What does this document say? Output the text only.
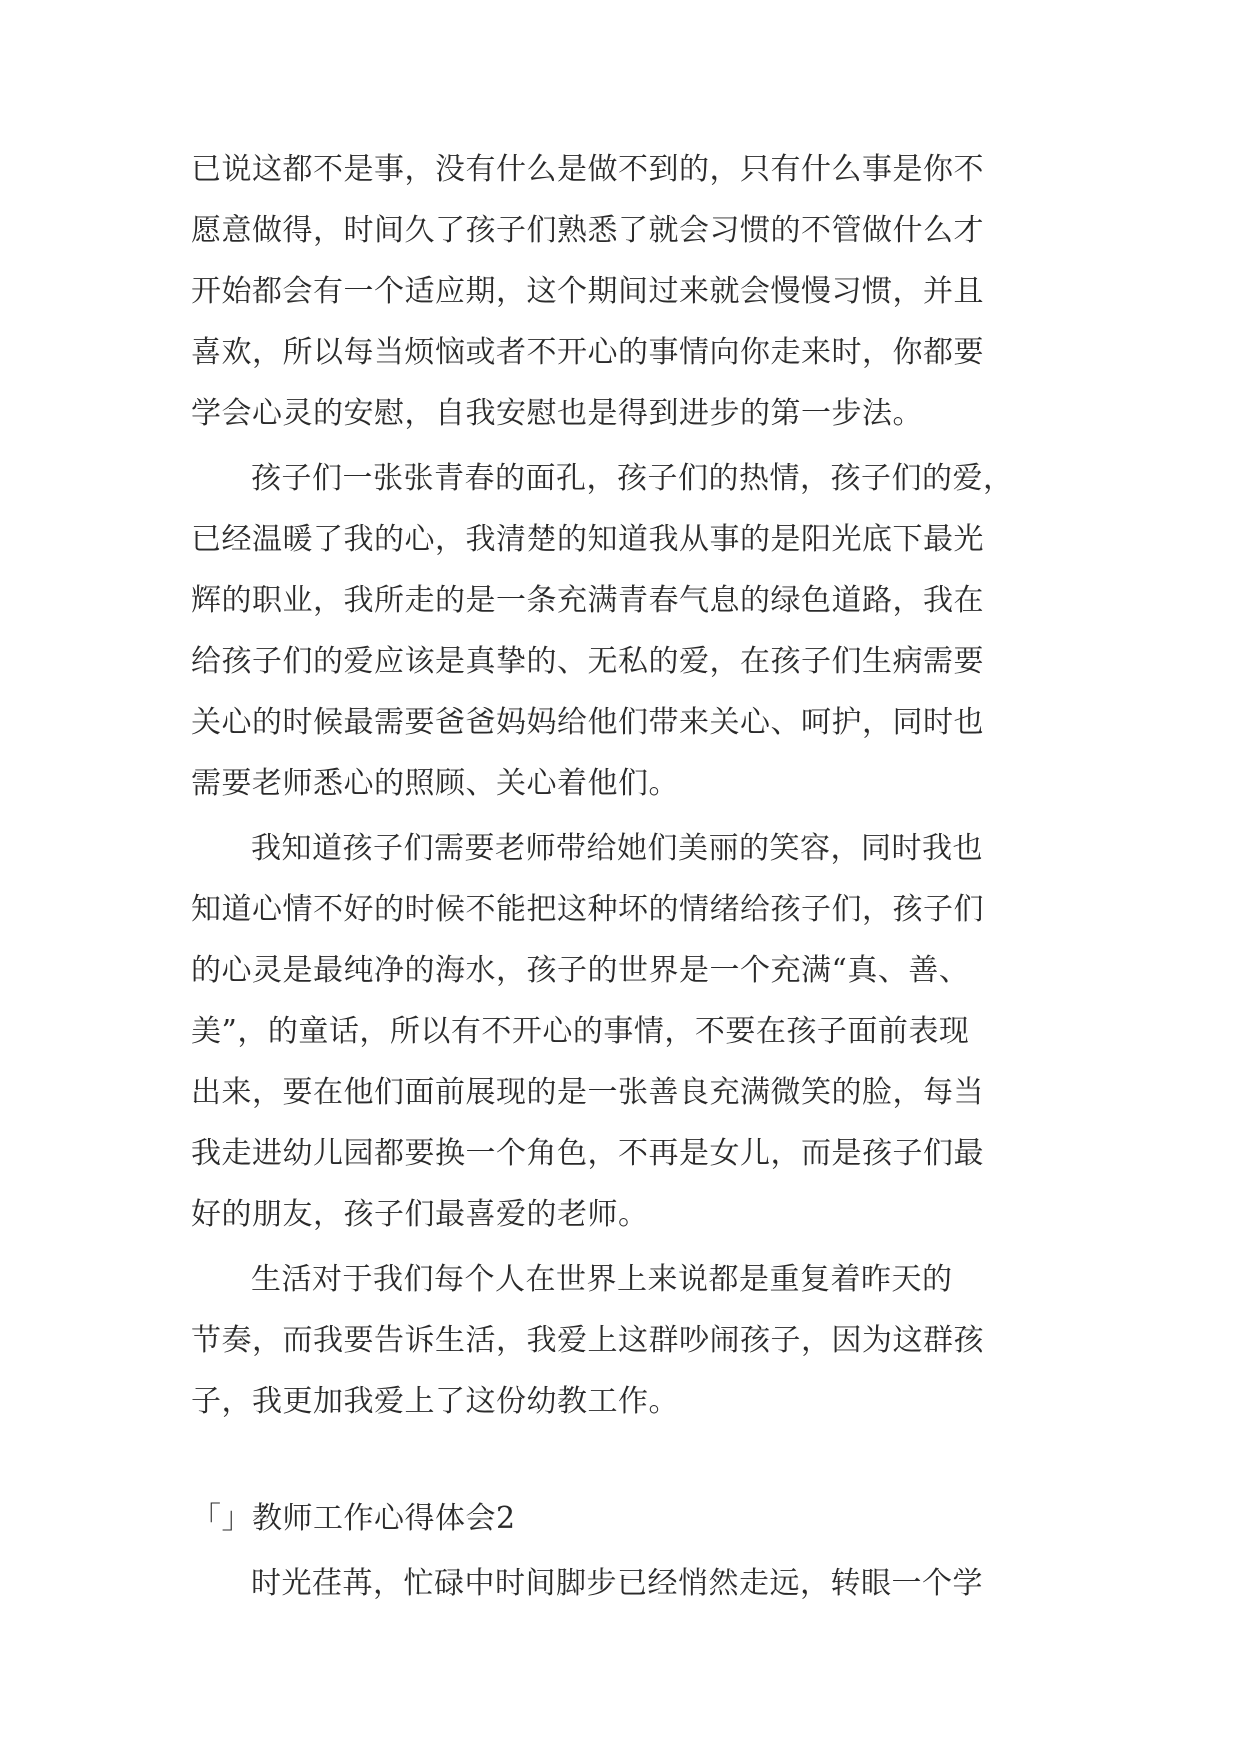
已说这都不是事，没有什么是做不到的，只有什么事是你不
愿意做得，时间久了孩子们熟悉了就会习惯的不管做什么才
开始都会有一个适应期，这个期间过来就会慢慢习惯，并且
喜欢，所以每当烦恼或者不开心的事情向你走来时，你都要
学会心灵的安慰，自我安慰也是得到进步的第一步法。
孩子们一张张青春的面孔，孩子们的热情，孩子们的爱，
已经温暖了我的心，我清楚的知道我从事的是阳光底下最光
辉的职业，我所走的是一条充满青春气息的绿色道路，我在
给孩子们的爱应该是真挚的、无私的爱，在孩子们生病需要
关心的时候最需要爸爸妈妈给他们带来关心、呵护，同时也
需要老师悉心的照顾、关心着他们。
我知道孩子们需要老师带给她们美丽的笑容，同时我也
知道心情不好的时候不能把这种坏的情绪给孩子们，孩子们
的心灵是最纯净的海水，孩子的世界是一个充满“真、善、
美”，的童话，所以有不开心的事情，不要在孩子面前表现
出来，要在他们面前展现的是一张善良充满微笑的脸，每当
我走进幼儿园都要换一个角色，不再是女儿，而是孩子们最
好的朋友，孩子们最喜爱的老师。
生活对于我们每个人在世界上来说都是重复着昨天的
节奏，而我要告诉生活，我爱上这群吵闹孩子，因为这群孩
子，我更加我爱上了这份幼教工作。
「」教师工作心得体会2
时光荏苒，忙碌中时间脚步已经悄然走远，转眼一个学
